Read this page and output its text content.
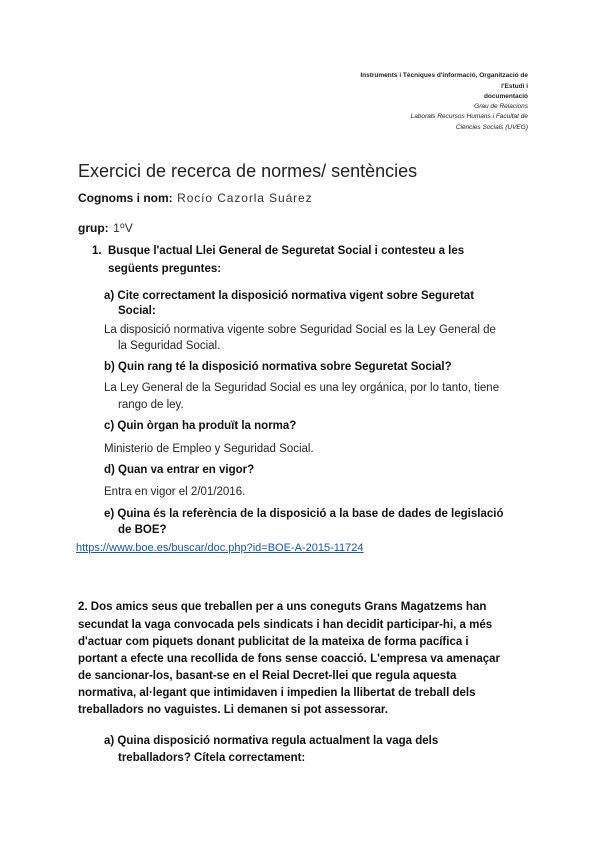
Instruments i Tècniques d'informació, Organització de
l'Estudi i
documentació
Grau de Relacions
Laborals Recursos Humans i Facultat de
Ciències Socials (UVEG)
Exercici de recerca de normes/ sentències
Cognoms i nom: Rocío Cazorla Suárez
grup: 1ºV
1. Busque l'actual Llei General de Seguretat Social i contesteu a les
següents preguntes:
a) Cite correctament la disposició normativa vigent sobre Seguretat
Social:
La disposició normativa vigente sobre Seguridad Social es la Ley General de
la Seguridad Social.
b) Quin rang té la disposició normativa sobre Seguretat Social?
La Ley General de la Seguridad Social es una ley orgánica, por lo tanto, tiene
rango de ley.
c) Quin òrgan ha produït la norma?
Ministerio de Empleo y Seguridad Social.
d) Quan va entrar en vigor?
Entra en vigor el 2/01/2016.
e) Quina és la referència de la disposició a la base de dades de legislació
de BOE?
https://www.boe.es/buscar/doc.php?id=BOE-A-2015-11724
2. Dos amics seus que treballen per a uns coneguts Grans Magatzems han
secundat la vaga convocada pels sindicats i han decidit participar-hi, a més
d'actuar com piquets donant publicitat de la mateixa de forma pacífica i
portant a efecte una recollida de fons sense coacció. L'empresa va amenaçar
de sancionar-los, basant-se en el Reial Decret-llei que regula aquesta
normativa, al·legant que intimidaven i impedien la llibertat de treball dels
treballadors no vaguistes. Li demanen si pot assessorar.
a) Quina disposició normativa regula actualment la vaga dels
treballadors? Cítela correctament:
